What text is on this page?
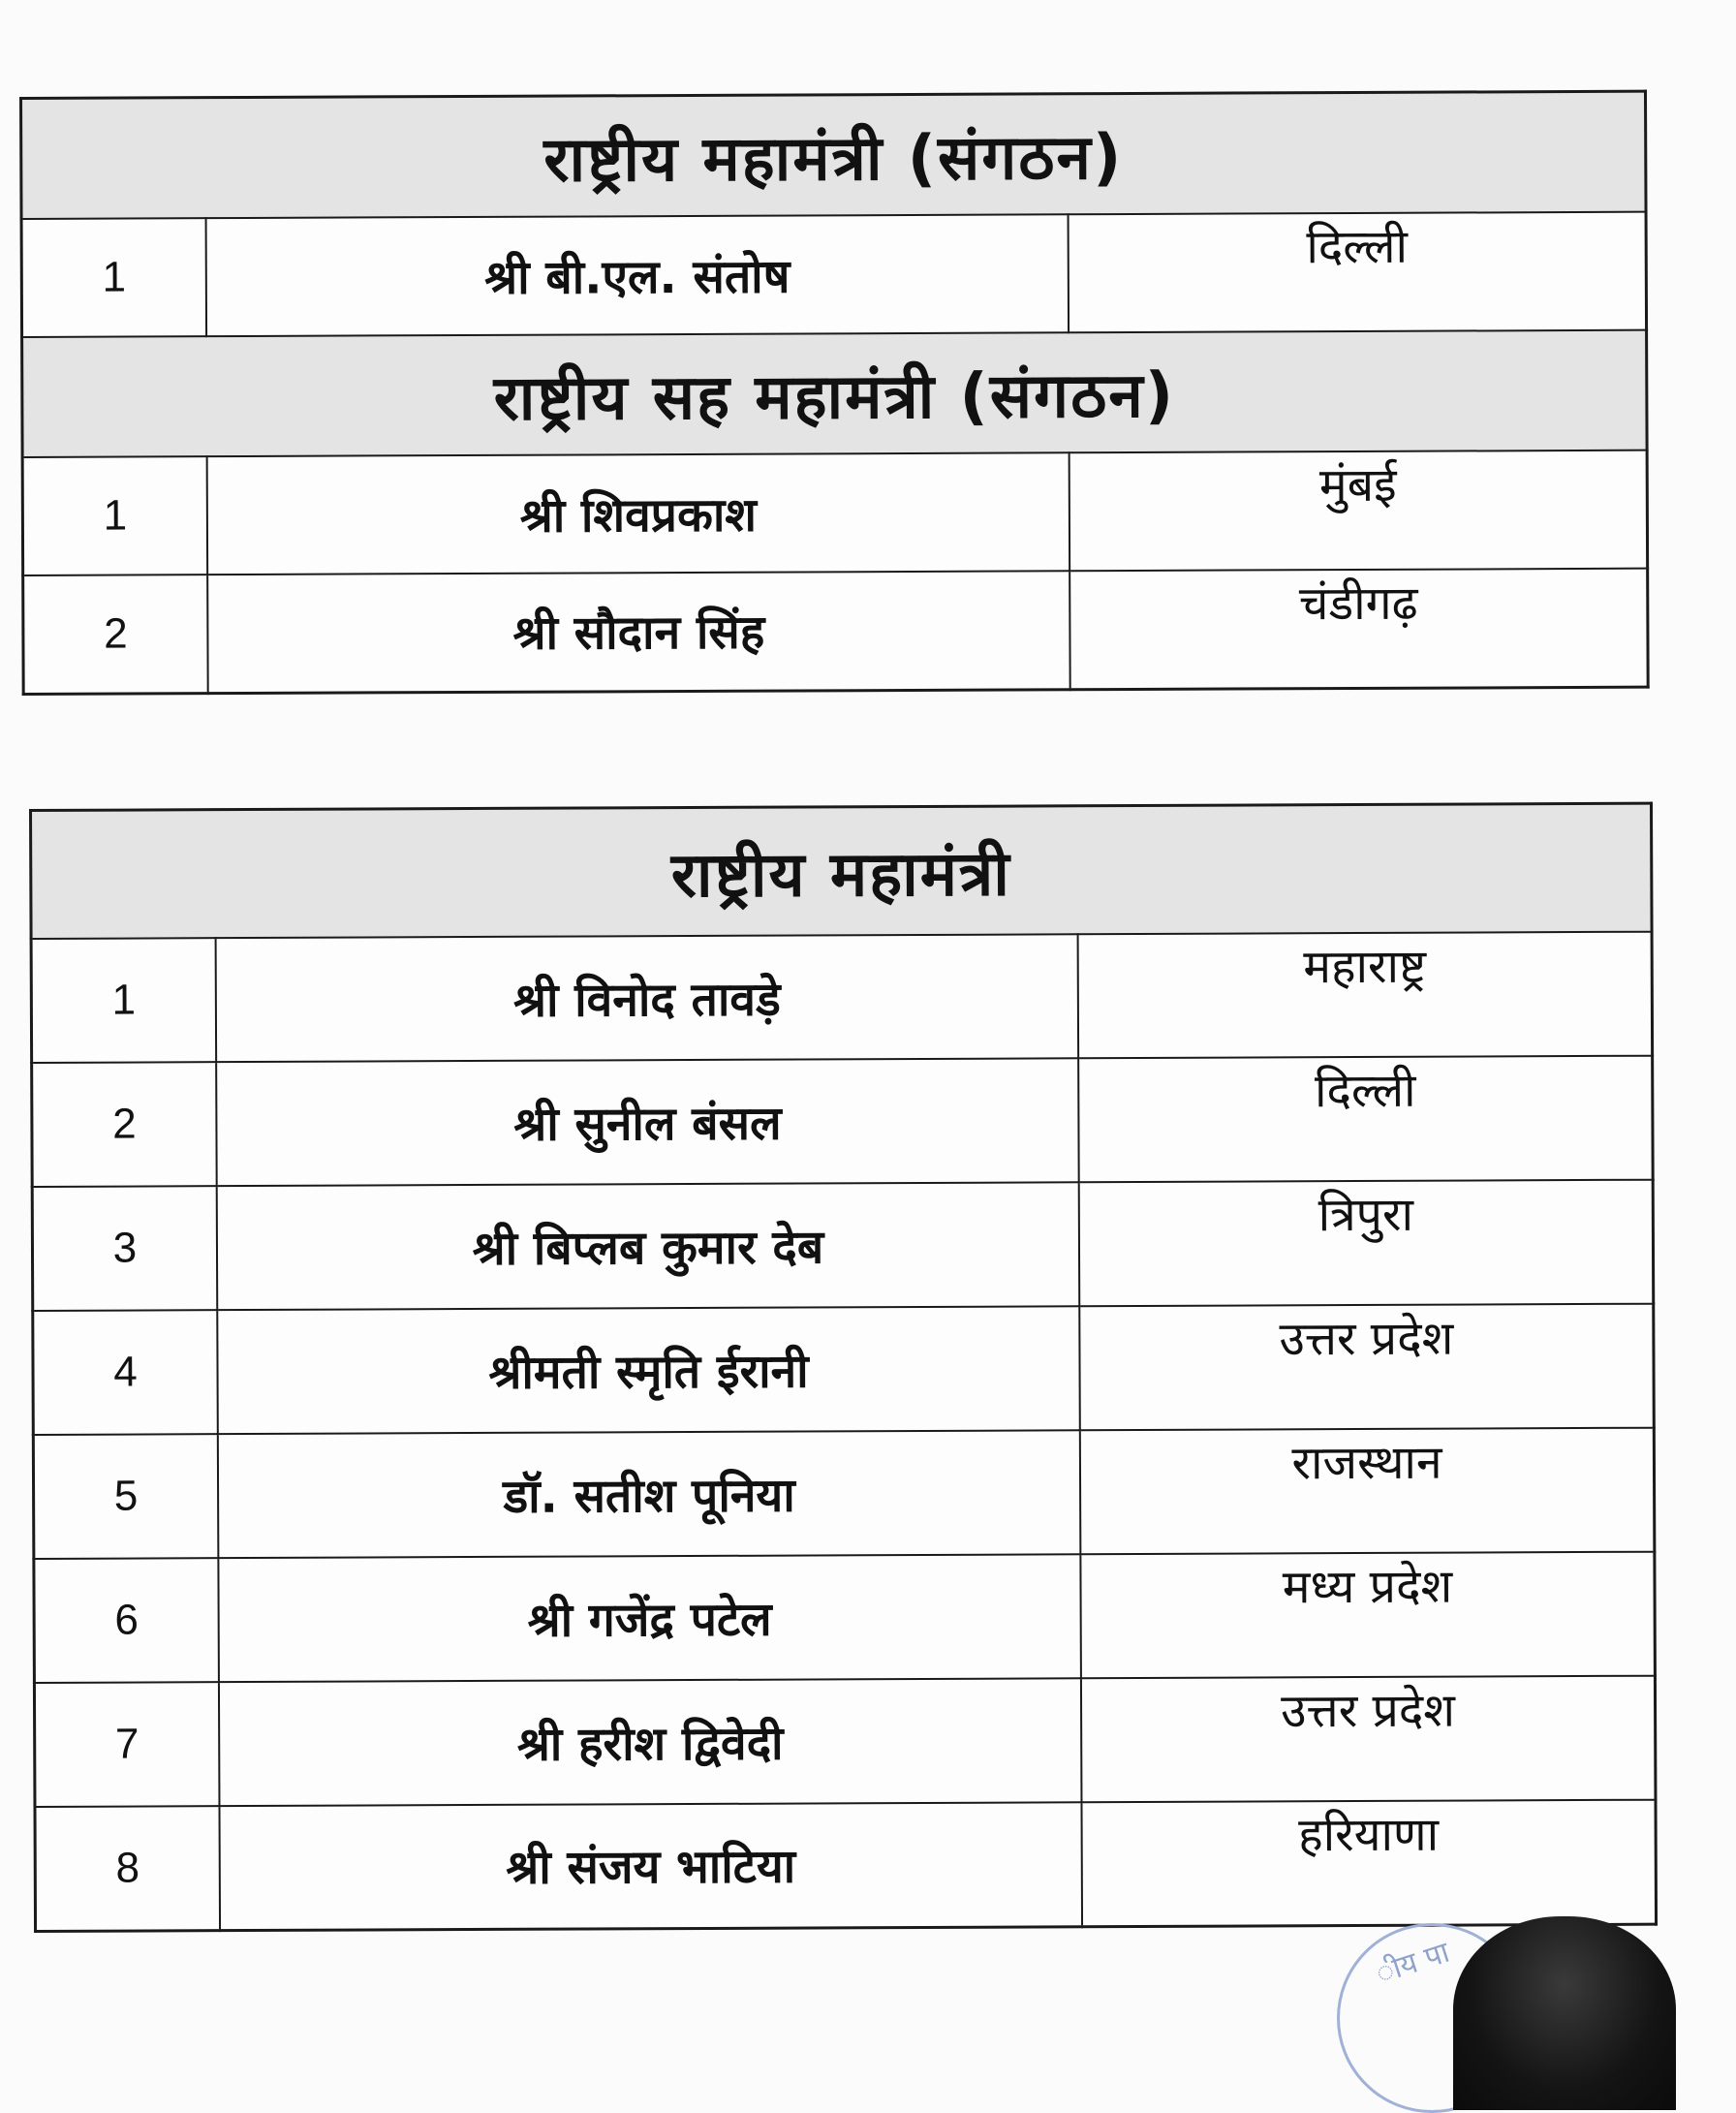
राष्ट्रीय महामंत्री (संगठन)		
1	श्री बी.एल. संतोष	दिल्ली
राष्ट्रीय सह महामंत्री (संगठन)		
1	श्री शिवप्रकाश	मुंबई
2	श्री सौदान सिंह	चंडीगढ़
राष्ट्रीय महामंत्री		
1	श्री विनोद तावड़े	महाराष्ट्र
2	श्री सुनील बंसल	दिल्ली
3	श्री बिप्लब कुमार देब	त्रिपुरा
4	श्रीमती स्मृति ईरानी	उत्तर प्रदेश
5	डॉ. सतीश पूनिया	राजस्थान
6	श्री गजेंद्र पटेल	मध्य प्रदेश
7	श्री हरीश द्विवेदी	उत्तर प्रदेश
8	श्री संजय भाटिया	हरियाणा
ीय पा
